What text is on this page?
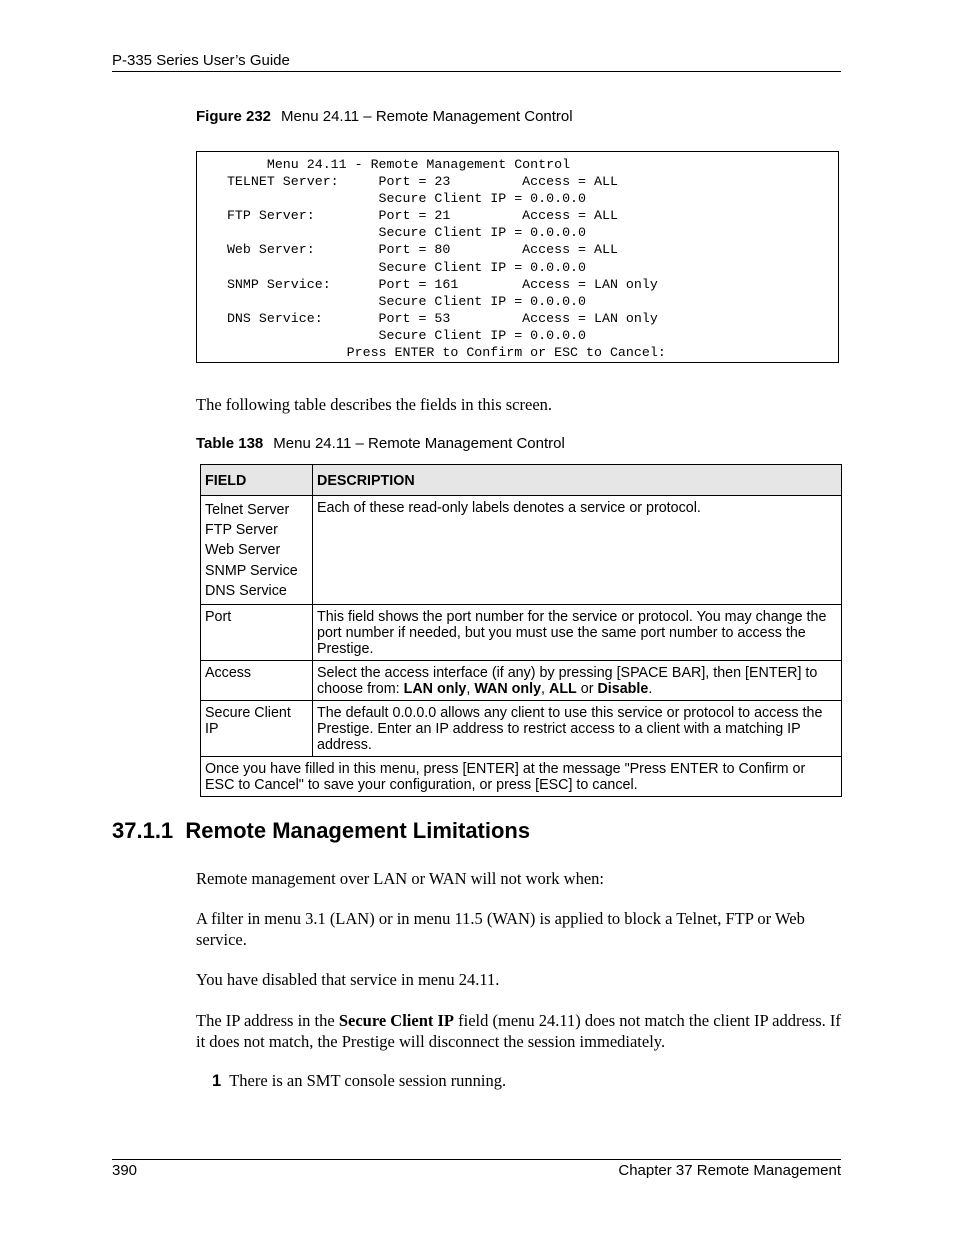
P-335 Series User’s Guide
Figure 232 Menu 24.11 – Remote Management Control
Menu 24.11 - Remote Management Control
TELNET Server:     Port = 23         Access = ALL
Secure Client IP = 0.0.0.0
FTP Server:        Port = 21         Access = ALL
Secure Client IP = 0.0.0.0
Web Server:        Port = 80         Access = ALL
Secure Client IP = 0.0.0.0
SNMP Service:      Port = 161        Access = LAN only
Secure Client IP = 0.0.0.0
DNS Service:       Port = 53         Access = LAN only
Secure Client IP = 0.0.0.0
Press ENTER to Confirm or ESC to Cancel:
The following table describes the fields in this screen.
Table 138 Menu 24.11 – Remote Management Control
FIELD	DESCRIPTION

Telnet Server
FTP Server
Web Server
SNMP Service
DNS Service	Each of these read-only labels denotes a service or protocol.
Port	This field shows the port number for the service or protocol. You may change the port number if needed, but you must use the same port number to access the Prestige.
Access	Select the access interface (if any) by pressing [SPACE BAR], then [ENTER] to choose from: LAN only, WAN only, ALL or Disable.
Secure Client IP	The default 0.0.0.0 allows any client to use this service or protocol to access the Prestige. Enter an IP address to restrict access to a client with a matching IP address.
Once you have filled in this menu, press [ENTER] at the message "Press ENTER to Confirm or ESC to Cancel" to save your configuration, or press [ESC] to cancel.	
37.1.1  Remote Management Limitations
Remote management over LAN or WAN will not work when:
A filter in menu 3.1 (LAN) or in menu 11.5 (WAN) is applied to block a Telnet, FTP or Web service.
You have disabled that service in menu 24.11.
The IP address in the Secure Client IP field (menu 24.11) does not match the client IP address. If it does not match, the Prestige will disconnect the session immediately.
1 There is an SMT console session running.
390	Chapter 37 Remote Management
